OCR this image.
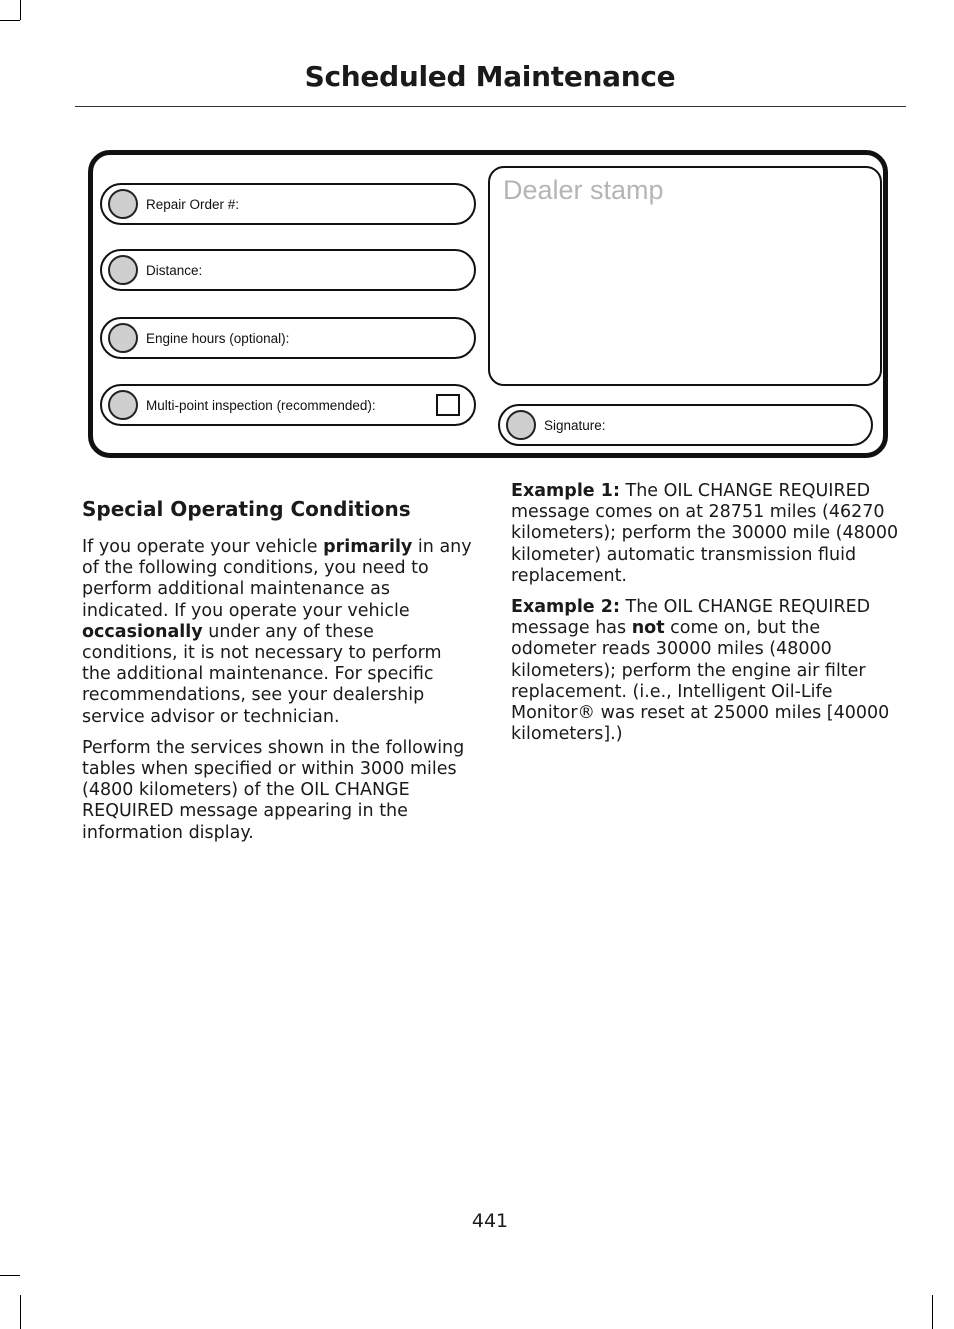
Scheduled Maintenance
Repair Order #:
Distance:
Engine hours (optional):
Multi-point inspection (recommended):
Dealer stamp
Signature:
Special Operating Conditions

If you operate your vehicle primarily in any of the following conditions, you need to perform additional maintenance as indicated. If you operate your vehicle occasionally under any of these conditions, it is not necessary to perform the additional maintenance. For specific recommendations, see your dealership service advisor or technician.

Perform the services shown in the following tables when specified or within 3000 miles (4800 kilometers) of the OIL CHANGE REQUIRED message appearing in the information display.

Example 1: The OIL CHANGE REQUIRED message comes on at 28751 miles (46270 kilometers); perform the 30000 mile (48000 kilometer) automatic transmission fluid replacement.

Example 2: The OIL CHANGE REQUIRED message has not come on, but the odometer reads 30000 miles (48000 kilometers); perform the engine air filter replacement. (i.e., Intelligent Oil-Life Monitor® was reset at 25000 miles [40000 kilometers].)

441
